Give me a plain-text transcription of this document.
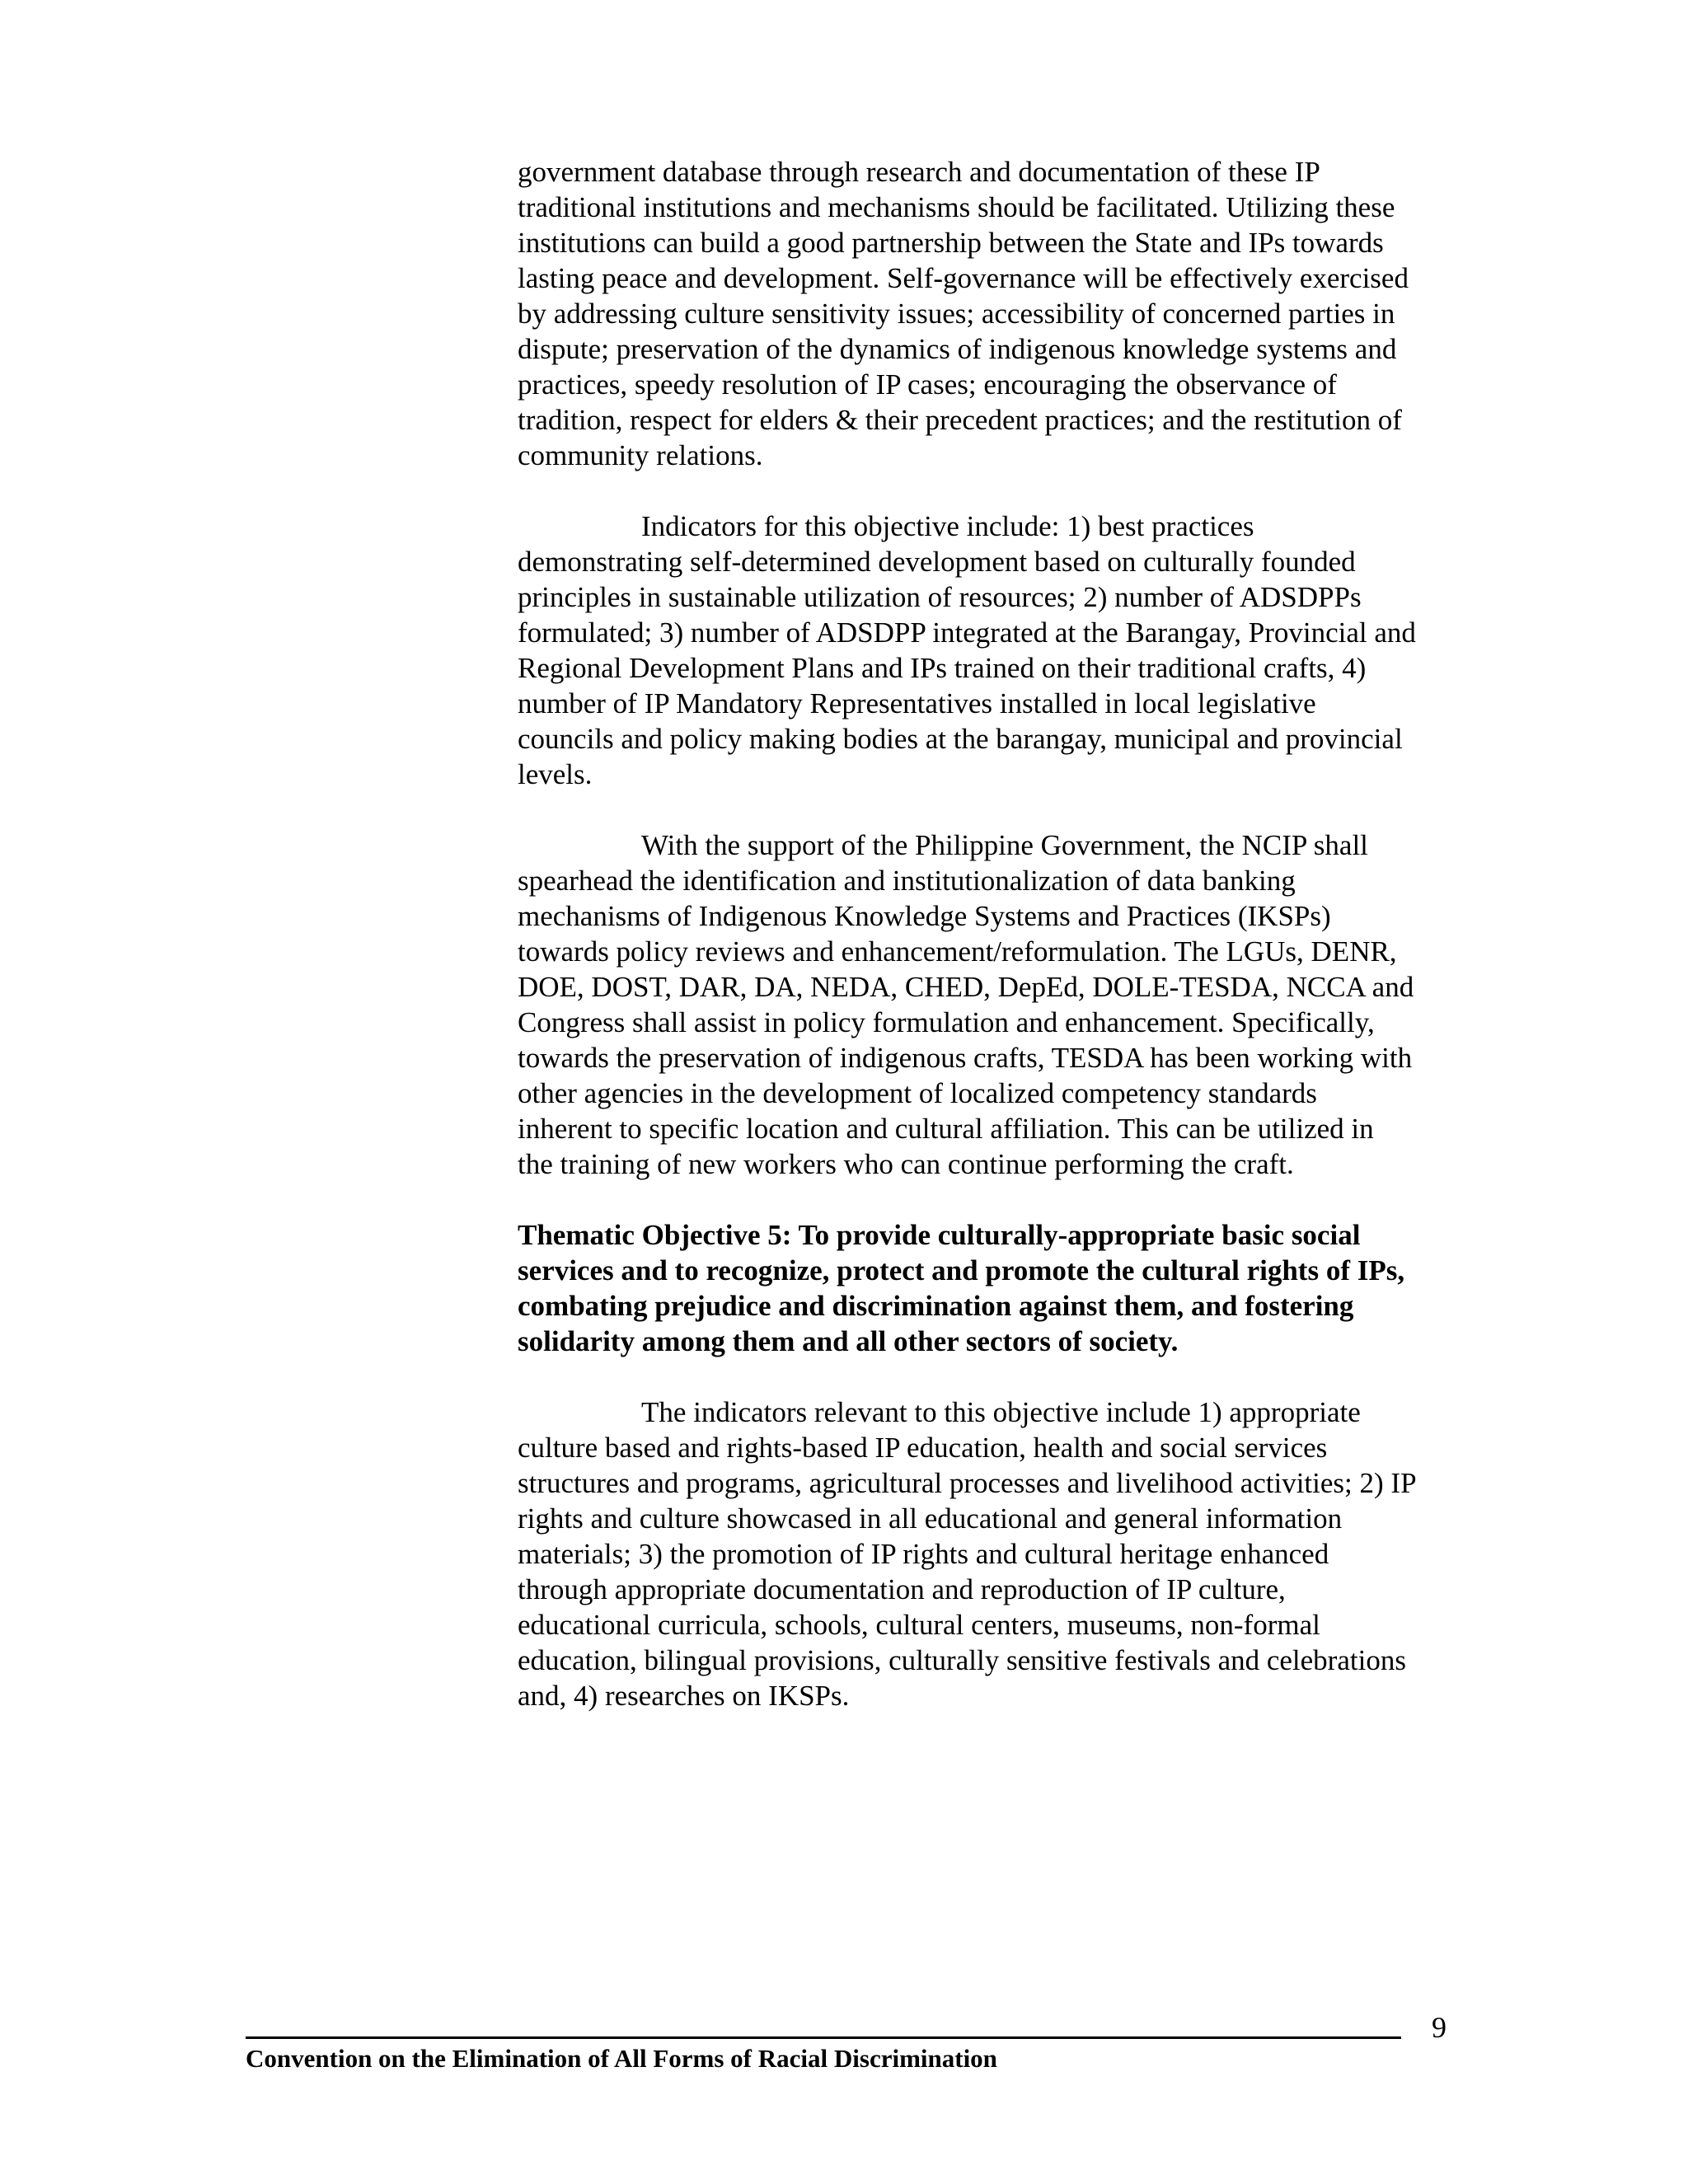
government database through research and documentation of these IP traditional institutions and mechanisms should be facilitated. Utilizing these institutions can build a good partnership between the State and IPs towards lasting peace and development. Self-governance will be effectively exercised by addressing culture sensitivity issues; accessibility of concerned parties in dispute; preservation of the dynamics of indigenous knowledge systems and practices, speedy resolution of IP cases; encouraging the observance of tradition, respect for elders & their precedent practices; and the restitution of community relations.

Indicators for this objective include: 1) best practices demonstrating self-determined development based on culturally founded principles in sustainable utilization of resources; 2) number of ADSDPPs formulated; 3) number of ADSDPP integrated at the Barangay, Provincial and Regional Development Plans and IPs trained on their traditional crafts, 4) number of IP Mandatory Representatives installed in local legislative councils and policy making bodies at the barangay, municipal and provincial levels.

With the support of the Philippine Government, the NCIP shall spearhead the identification and institutionalization of data banking mechanisms of Indigenous Knowledge Systems and Practices (IKSPs) towards policy reviews and enhancement/reformulation. The LGUs, DENR, DOE, DOST, DAR, DA, NEDA, CHED, DepEd, DOLE-TESDA, NCCA and Congress shall assist in policy formulation and enhancement. Specifically, towards the preservation of indigenous crafts, TESDA has been working with other agencies in the development of localized competency standards inherent to specific location and cultural affiliation. This can be utilized in the training of new workers who can continue performing the craft.

Thematic Objective 5: To provide culturally-appropriate basic social services and to recognize, protect and promote the cultural rights of IPs, combating prejudice and discrimination against them, and fostering solidarity among them and all other sectors of society.

The indicators relevant to this objective include 1) appropriate culture based and rights-based IP education, health and social services structures and programs, agricultural processes and livelihood activities; 2) IP rights and culture showcased in all educational and general information materials; 3) the promotion of IP rights and cultural heritage enhanced through appropriate documentation and reproduction of IP culture, educational curricula, schools, cultural centers, museums, non-formal education, bilingual provisions, culturally sensitive festivals and celebrations and, 4) researches on IKSPs.

9
Convention on the Elimination of All Forms of Racial Discrimination
